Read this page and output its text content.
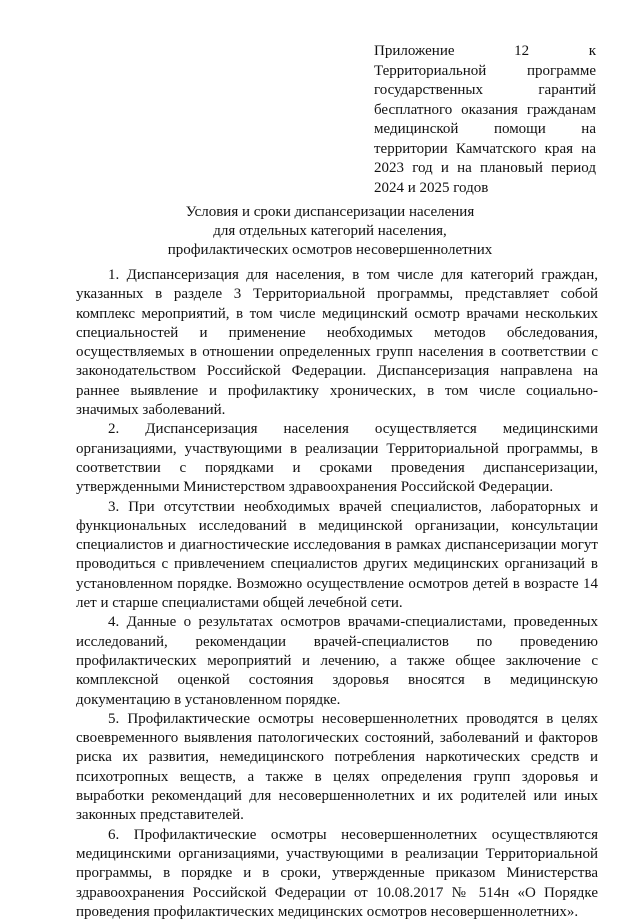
Приложение 12 к Территориальной программе государственных гарантий бесплатного оказания гражданам медицинской помощи на территории Камчатского края на 2023 год и на плановый период 2024 и 2025 годов
Условия и сроки диспансеризации населения
для отдельных категорий населения,
профилактических осмотров несовершеннолетних

1. Диспансеризация для населения, в том числе для категорий граждан, указанных в разделе 3 Территориальной программы, представляет собой комплекс мероприятий, в том числе медицинский осмотр врачами нескольких специальностей и применение необходимых методов обследования, осуществляемых в отношении определенных групп населения в соответствии с законодательством Российской Федерации. Диспансеризация направлена на раннее выявление и профилактику хронических, в том числе социально-значимых заболеваний.

2. Диспансеризация населения осуществляется медицинскими организациями, участвующими в реализации Территориальной программы, в соответствии с порядками и сроками проведения диспансеризации, утвержденными Министерством здравоохранения Российской Федерации.

3. При отсутствии необходимых врачей специалистов, лабораторных и функциональных исследований в медицинской организации, консультации специалистов и диагностические исследования в рамках диспансеризации могут проводиться с привлечением специалистов других медицинских организаций в установленном порядке. Возможно осуществление осмотров детей в возрасте 14 лет и старше специалистами общей лечебной сети.

4. Данные о результатах осмотров врачами-специалистами, проведенных исследований, рекомендации врачей-специалистов по проведению профилактических мероприятий и лечению, а также общее заключение с комплексной оценкой состояния здоровья вносятся в медицинскую документацию в установленном порядке.

5. Профилактические осмотры несовершеннолетних проводятся в целях своевременного выявления патологических состояний, заболеваний и факторов риска их развития, немедицинского потребления наркотических средств и психотропных веществ, а также в целях определения групп здоровья и выработки рекомендаций для несовершеннолетних и их родителей или иных законных представителей.

6. Профилактические осмотры несовершеннолетних осуществляются медицинскими организациями, участвующими в реализации Территориальной программы, в порядке и в сроки, утвержденные приказом Министерства здравоохранения Российской Федерации от 10.08.2017 № 514н «О Порядке проведения профилактических медицинских осмотров несовершеннолетних».
